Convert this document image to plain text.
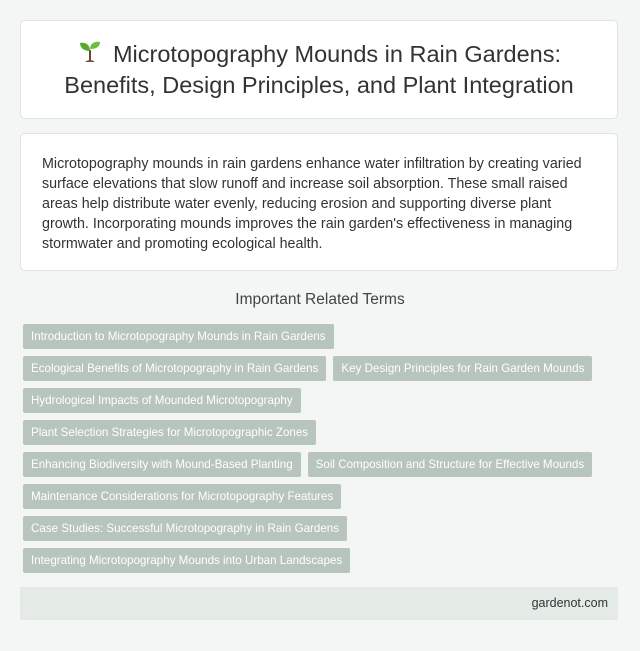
Microtopography Mounds in Rain Gardens: Benefits, Design Principles, and Plant Integration

Microtopography mounds in rain gardens enhance water infiltration by creating varied surface elevations that slow runoff and increase soil absorption. These small raised areas help distribute water evenly, reducing erosion and supporting diverse plant growth. Incorporating mounds improves the rain garden's effectiveness in managing stormwater and promoting ecological health.

Important Related Terms
Introduction to Microtopography Mounds in Rain Gardens
Ecological Benefits of Microtopography in Rain Gardens	Key Design Principles for Rain Garden Mounds
Hydrological Impacts of Mounded Microtopography
Plant Selection Strategies for Microtopographic Zones
Enhancing Biodiversity with Mound-Based Planting	Soil Composition and Structure for Effective Mounds
Maintenance Considerations for Microtopography Features
Case Studies: Successful Microtopography in Rain Gardens
Integrating Microtopography Mounds into Urban Landscapes
gardenot.com
